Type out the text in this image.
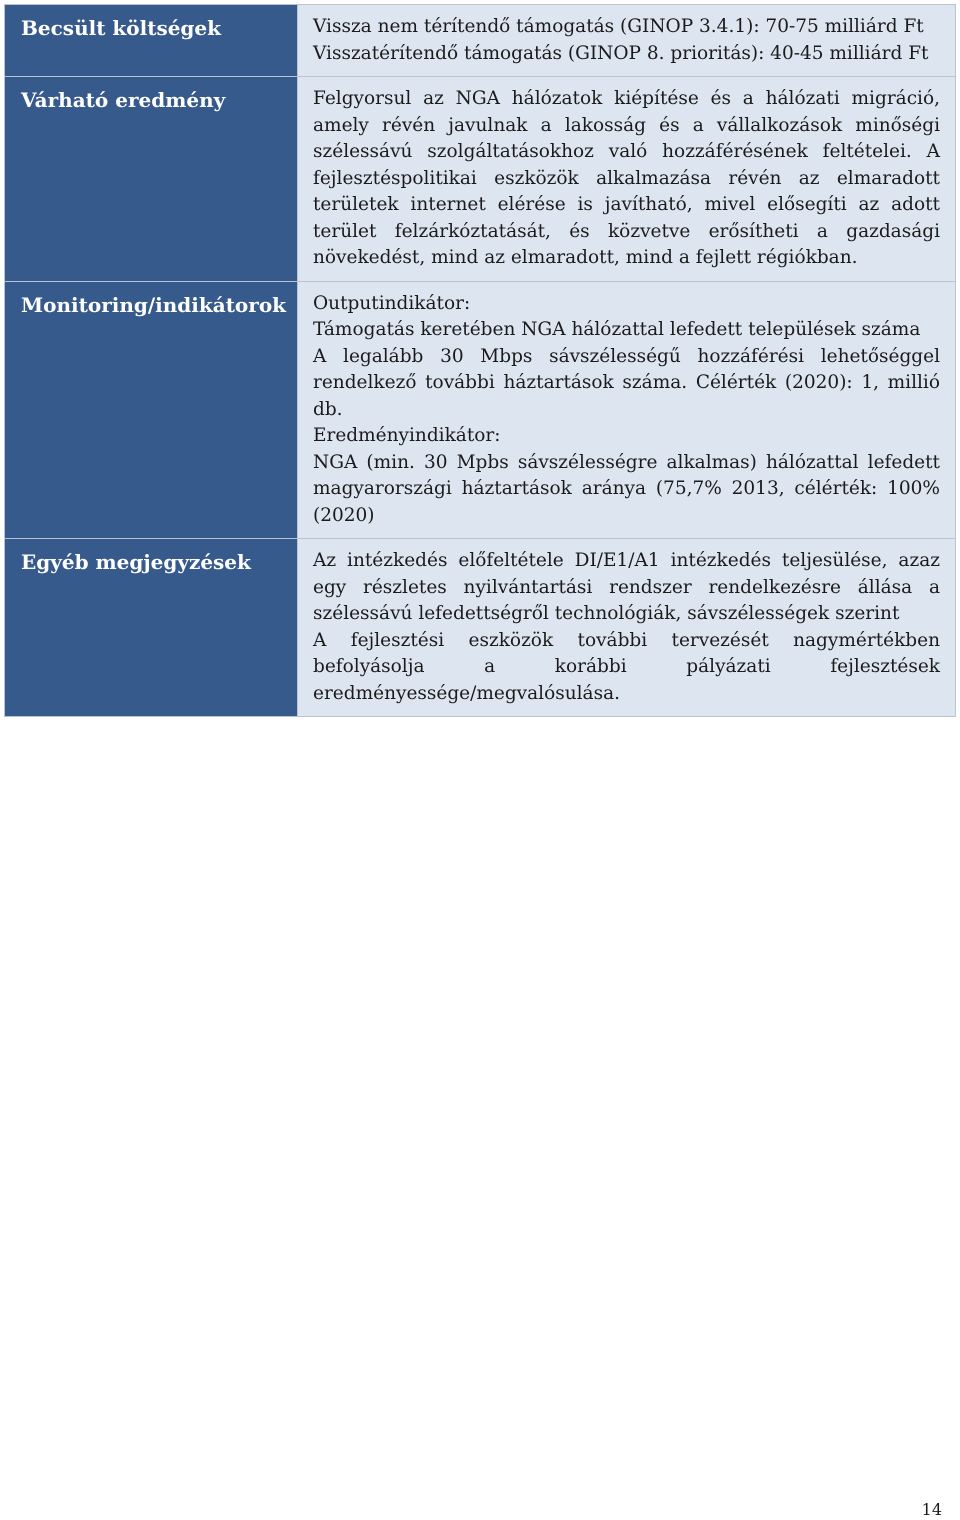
Becsült költségek	Vissza nem térítendő támogatás (GINOP 3.4.1): 70-75 milliárd Ft
Visszatérítendő támogatás (GINOP 8. prioritás): 40-45 milliárd Ft

Várható eredmény	Felgyorsul az NGA hálózatok kiépítése és a hálózati migráció, amely révén javulnak a lakosság és a vállalkozások minőségi szélessávú szolgáltatásokhoz való hozzáférésének feltételei. A fejlesztéspolitikai eszközök alkalmazása révén az elmaradott területek internet elérése is javítható, mivel elősegíti az adott terület felzárkóztatását, és közvetve erősítheti a gazdasági növekedést, mind az elmaradott, mind a fejlett régiókban.

Monitoring/indikátorok	Outputindikátor:
Támogatás keretében NGA hálózattal lefedett települések száma
A legalább 30 Mbps sávszélességű hozzáférési lehetőséggel rendelkező további háztartások száma. Célérték (2020): 1, millió db.
Eredményindikátor:
NGA (min. 30 Mpbs sávszélességre alkalmas) hálózattal lefedett magyarországi háztartások aránya (75,7% 2013, célérték: 100% (2020)

Egyéb megjegyzések	Az intézkedés előfeltétele DI/E1/A1 intézkedés teljesülése, azaz egy részletes nyilvántartási rendszer rendelkezésre állása a szélessávú lefedettségről technológiák, sávszélességek szerint
A fejlesztési eszközök további tervezését nagymértékben befolyásolja a korábbi pályázati fejlesztések eredményessége/megvalósulása.
14
